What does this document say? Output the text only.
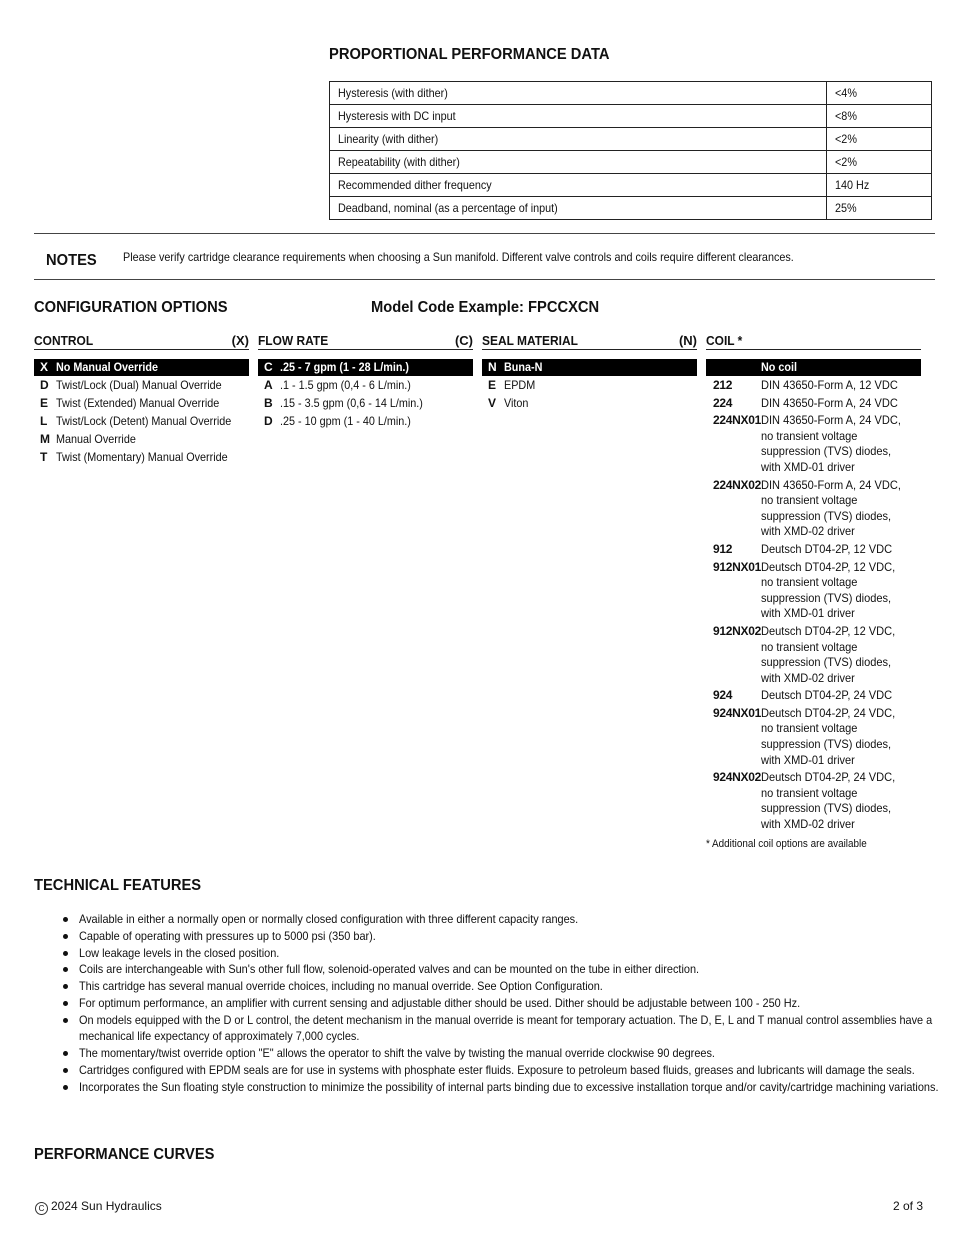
PROPORTIONAL PERFORMANCE DATA
Hysteresis (with dither)	<4%
Hysteresis with DC input	<8%
Linearity (with dither)	<2%
Repeatability (with dither)	<2%
Recommended dither frequency	140 Hz
Deadband, nominal (as a percentage of input)	25%
NOTES Please verify cartridge clearance requirements when choosing a Sun manifold. Different valve controls and coils require different clearances.
CONFIGURATION OPTIONS	Model Code Example: FPCCXCN
CONTROL	(X)
X No Manual Override
D Twist/Lock (Dual) Manual Override
E Twist (Extended) Manual Override
L Twist/Lock (Detent) Manual Override
M Manual Override
T Twist (Momentary) Manual Override
FLOW RATE	(C)
C .25 - 7 gpm (1 - 28 L/min.)
A .1 - 1.5 gpm (0,4 - 6 L/min.)
B .15 - 3.5 gpm (0,6 - 14 L/min.)
D .25 - 10 gpm (1 - 40 L/min.)
SEAL MATERIAL	(N)
N Buna-N
E EPDM
V Viton
COIL *
No coil
212	DIN 43650-Form A, 12 VDC
224	DIN 43650-Form A, 24 VDC
224NX01 DIN 43650-Form A, 24 VDC, no transient voltage suppression (TVS) diodes, with XMD-01 driver
224NX02 DIN 43650-Form A, 24 VDC, no transient voltage suppression (TVS) diodes, with XMD-02 driver
912	Deutsch DT04-2P, 12 VDC
912NX01 Deutsch DT04-2P, 12 VDC, no transient voltage suppression (TVS) diodes, with XMD-01 driver
912NX02 Deutsch DT04-2P, 12 VDC, no transient voltage suppression (TVS) diodes, with XMD-02 driver
924	Deutsch DT04-2P, 24 VDC
924NX01 Deutsch DT04-2P, 24 VDC, no transient voltage suppression (TVS) diodes, with XMD-01 driver
924NX02 Deutsch DT04-2P, 24 VDC, no transient voltage suppression (TVS) diodes, with XMD-02 driver
* Additional coil options are available
TECHNICAL FEATURES
Available in either a normally open or normally closed configuration with three different capacity ranges.
Capable of operating with pressures up to 5000 psi (350 bar).
Low leakage levels in the closed position.
Coils are interchangeable with Sun's other full flow, solenoid-operated valves and can be mounted on the tube in either direction.
This cartridge has several manual override choices, including no manual override. See Option Configuration.
For optimum performance, an amplifier with current sensing and adjustable dither should be used. Dither should be adjustable between 100 - 250 Hz.
On models equipped with the D or L control, the detent mechanism in the manual override is meant for temporary actuation. The D, E, L and T manual control assemblies have a mechanical life expectancy of approximately 7,000 cycles.
The momentary/twist override option "E" allows the operator to shift the valve by twisting the manual override clockwise 90 degrees.
Cartridges configured with EPDM seals are for use in systems with phosphate ester fluids. Exposure to petroleum based fluids, greases and lubricants will damage the seals.
Incorporates the Sun floating style construction to minimize the possibility of internal parts binding due to excessive installation torque and/or cavity/cartridge machining variations.
PERFORMANCE CURVES
C 2024 Sun Hydraulics	2 of 3
